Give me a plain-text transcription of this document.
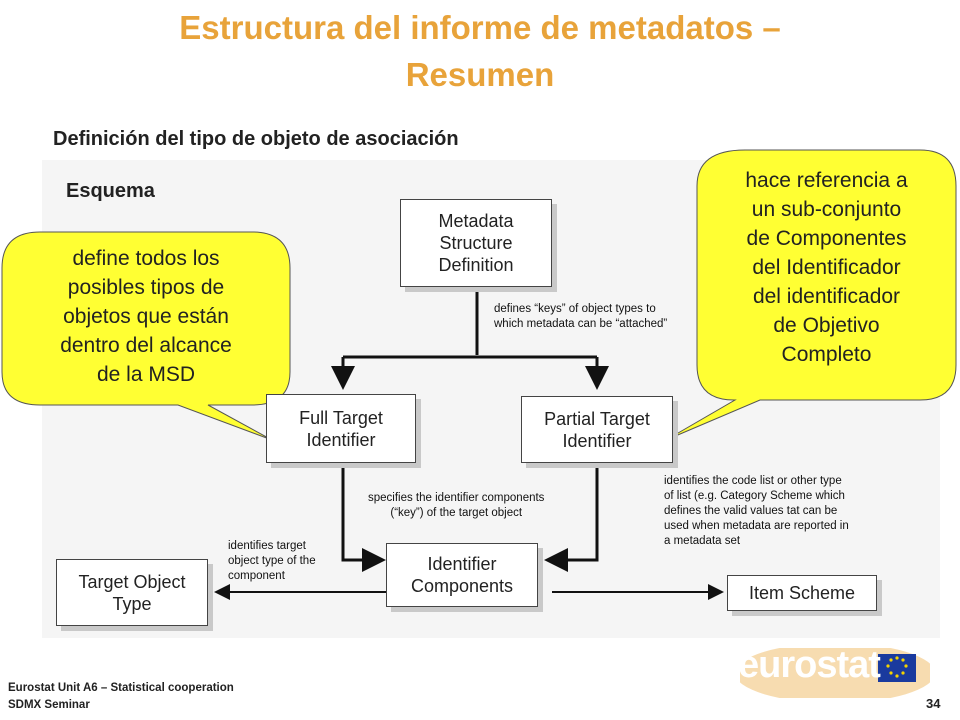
Estructura del informe de metadatos –
Resumen
Definición del tipo de objeto de asociación
Esquema
Metadata
Structure
Definition
Full Target
Identifier
Partial Target
Identifier
Target Object
Type
Identifier
Components	Item Scheme
defines “keys” of object types to
which metadata can be “attached”
specifies the identifier components
(“key”) of the target object
identifies target
object type of the
component
identifies the code list or other type
of list (e.g. Category Scheme which
defines the valid values tat can be
used when metadata are reported in
a metadata set
define todos los
posibles tipos de
objetos que están
dentro del alcance
de la MSD
hace referencia a
un sub-conjunto
de Componentes
del Identificador
del identificador
de Objetivo
Completo
eurostat
Eurostat Unit A6 – Statistical cooperation
SDMX Seminar	34
